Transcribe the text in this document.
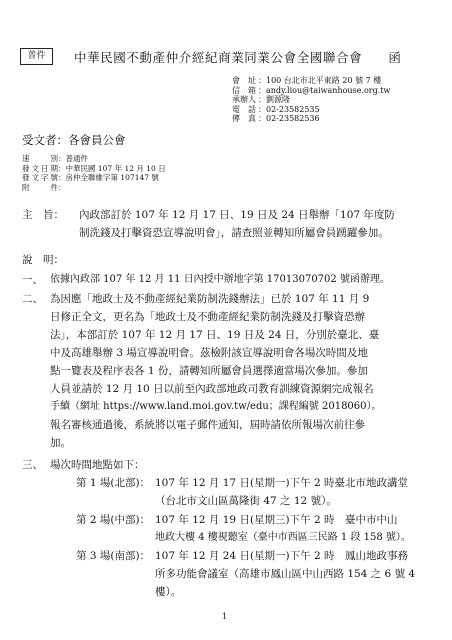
普件	中華民國不動產仲介經紀商業同業公會全國聯合會　　函
會址 ：100 台北市北平東路 20 號 7 樓
信箱 ：andy.liou@taiwanhouse.org.tw
承辦人 ：劉源隆
電話 ：02-23582535
傳真 ：02-23582536
受文者：各會員公會
速別：普通件
發文日期：中華民國 107 年 12 月 10 日
發文字號：房仲全聯維字第 107147 號
附件：
主　旨： 內政部訂於 107 年 12 月 17 日、19 日及 24 日舉辦「107 年度防
制洗錢及打擊資恐宣導說明會」，請查照並轉知所屬會員踴躍參加。
說　明：
一、 依據內政部 107 年 12 月 11 日內授中辦地字第 17013070702 號函辦理。
二、 為因應「地政士及不動產經紀業防制洗錢辦法」已於 107 年 11 月 9
日修正全文，更名為「地政士及不動產經紀業防制洗錢及打擊資恐辦
法」，本部訂於 107 年 12 月 17 日、19 日及 24 日，分別於臺北、臺
中及高雄舉辦 3 場宣導說明會。茲檢附該宣導說明會各場次時間及地
點一覽表及程序表各 1 份，請轉知所屬會員選擇適當場次參加。參加
人員並請於 12 月 10 日以前至內政部地政司教育訓練資源網完成報名
手續（網址 https://www.land.moi.gov.tw/edu；課程編號 2018060）。
報名審核通過後，系統將以電子郵件通知，屆時請依所報場次前往參
加。
三、 場次時間地點如下：
第 1 場(北部)： 107 年 12 月 17 日(星期一)下午 2 時臺北市地政講堂
（台北市文山區萬隆街 47 之 12 號）。
第 2 場(中部)： 107 年 12 月 19 日(星期三)下午 2 時　臺中市中山
地政大樓 4 樓視聽室（臺中市西區三民路 1 段 158 號）。
第 3 場(南部)： 107 年 12 月 24 日(星期一)下午 2 時　鳳山地政事務
所多功能會議室（高雄市鳳山區中山西路 154 之 6 號 4
樓）。
1
